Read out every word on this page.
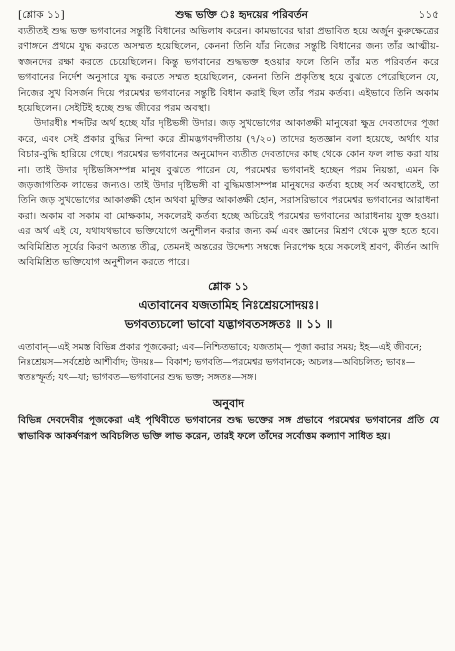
[শ্লোক ১১]	শুদ্ধ ভক্তি ঃ হৃদয়ের পরিবর্তন	১১৫

ব্যতীতই শুদ্ধ ভক্ত ভগবানের সন্তুষ্টি বিধানের অভিলাষ করেন। কামভাবের দ্বারা প্রভাবিত হয়ে অর্জুন কুরুক্ষেত্রের রণাঙ্গনে প্রথমে যুদ্ধ করতে অসম্মত হয়েছিলেন, কেননা তিনি যাঁর নিজের সন্তুষ্টি বিধানের জন্য তাঁর আত্মীয়-স্বজনদের রক্ষা করতে চেয়েছিলেন। কিন্তু ভগবানের শুদ্ধভক্ত হওয়ার ফলে তিনি তাঁর মত পরিবর্তন করে ভগবানের নির্দেশ অনুসারে যুদ্ধ করতে সম্মত হয়েছিলেন, কেননা তিনি প্রকৃতিস্থ হয়ে বুঝতে পেরেছিলেন যে, নিজের সুখ বিসর্জন দিয়ে পরমেশ্বর ভগবানের সন্তুষ্টি বিধান করাই ছিল তাঁর পরম কর্তব্য। এইভাবে তিনি অকাম হয়েছিলেন। সেইটিই হচ্ছে শুদ্ধ জীবের পরম অবস্থা।

উদারধীঃ শব্দটির অর্থ হচ্ছে যাঁর দৃষ্টিভঙ্গী উদার। জড় সুখভোগের আকাঙ্ক্ষী মানুষেরা ক্ষুদ্র দেবতাদের পূজা করে, এবং সেই প্রকার বুদ্ধির নিন্দা করে শ্রীমদ্ভগবদ্গীতায় (৭/২০) তাদের হৃতজ্ঞান বলা হয়েছে, অর্থাৎ যার বিচার-বুদ্ধি হারিয়ে গেছে। পরমেশ্বর ভগবানের অনুমোদন ব্যতীত দেবতাদের কাছ থেকে কোন ফল লাভ করা যায় না। তাই উদার দৃষ্টিভঙ্গিসম্পন্ন মানুষ বুঝতে পারেন যে, পরমেশ্বর ভগবানই হচ্ছেন পরম নিয়ন্তা, এমন কি জড়জাগতিক লাভের জন্যও। তাই উদার দৃষ্টিভঙ্গী বা বুদ্ধিমত্তাসম্পন্ন মানুষদের কর্তব্য হচ্ছে সর্ব অবস্থাতেই, তা তিনি জড় সুখভোগের আকাঙ্ক্ষী হোন অথবা মুক্তির আকাঙ্ক্ষী হোন, সরাসরিভাবে পরমেশ্বর ভগবানের আরাধনা করা। অকাম বা সকাম বা মোক্ষকাম, সকলেরই কর্তব্য হচ্ছে অচিরেই পরমেশ্বর ভগবানের আরাধনায় যুক্ত হওয়া। এর অর্থ এই যে, যথাযথভাবে ভক্তিযোগে অনুশীলন করার জন্য কর্ম এবং জ্ঞানের মিশ্রণ থেকে মুক্ত হতে হবে। অবিমিশ্রিত সূর্যের কিরণ অত্যন্ত তীব্র, তেমনই অন্তরের উদ্দেশ্য সম্বন্ধে নিরপেক্ষ হয়ে সকলেই শ্রবণ, কীর্তন আদি অবিমিশ্রিত ভক্তিযোগ অনুশীলন করতে পারে।

শ্লোক ১১
এতাবানেব যজতামিহ নিঃশ্রেয়সোদয়ঃ।
ভগবত্যচলো ভাবো যদ্ভাগবতসঙ্গতঃ ॥ ১১ ॥

এতাবান্—এই সমস্ত বিভিন্ন প্রকার পূজকেরা; এব—নিশ্চিতভাবে; যজতাম্— পূজা করার সময়; ইহ—এই জীবনে; নিঃশ্রেয়স—সর্বশ্রেষ্ঠ আশীর্বাদ; উদয়ঃ— বিকাশ; ভগবতি—পরমেশ্বর ভগবানকে; অচলঃ—অবিচলিত; ভাবঃ—স্বতঃস্ফূর্ত; যৎ—যা; ভাগবত—ভগবানের শুদ্ধ ভক্ত; সঙ্গতঃ—সঙ্গ।

অনুবাদ

বিভিন্ন দেবদেবীর পূজকেরা এই পৃথিবীতে ভগবানের শুদ্ধ ভক্তের সঙ্গ প্রভাবে পরমেশ্বর ভগবানের প্রতি যে স্বাভাবিক আকর্ষণরূপ অবিচলিত ভক্তি লাভ করেন, তারই ফলে তাঁদের সর্বোত্তম কল্যাণ সাধিত হয়।
